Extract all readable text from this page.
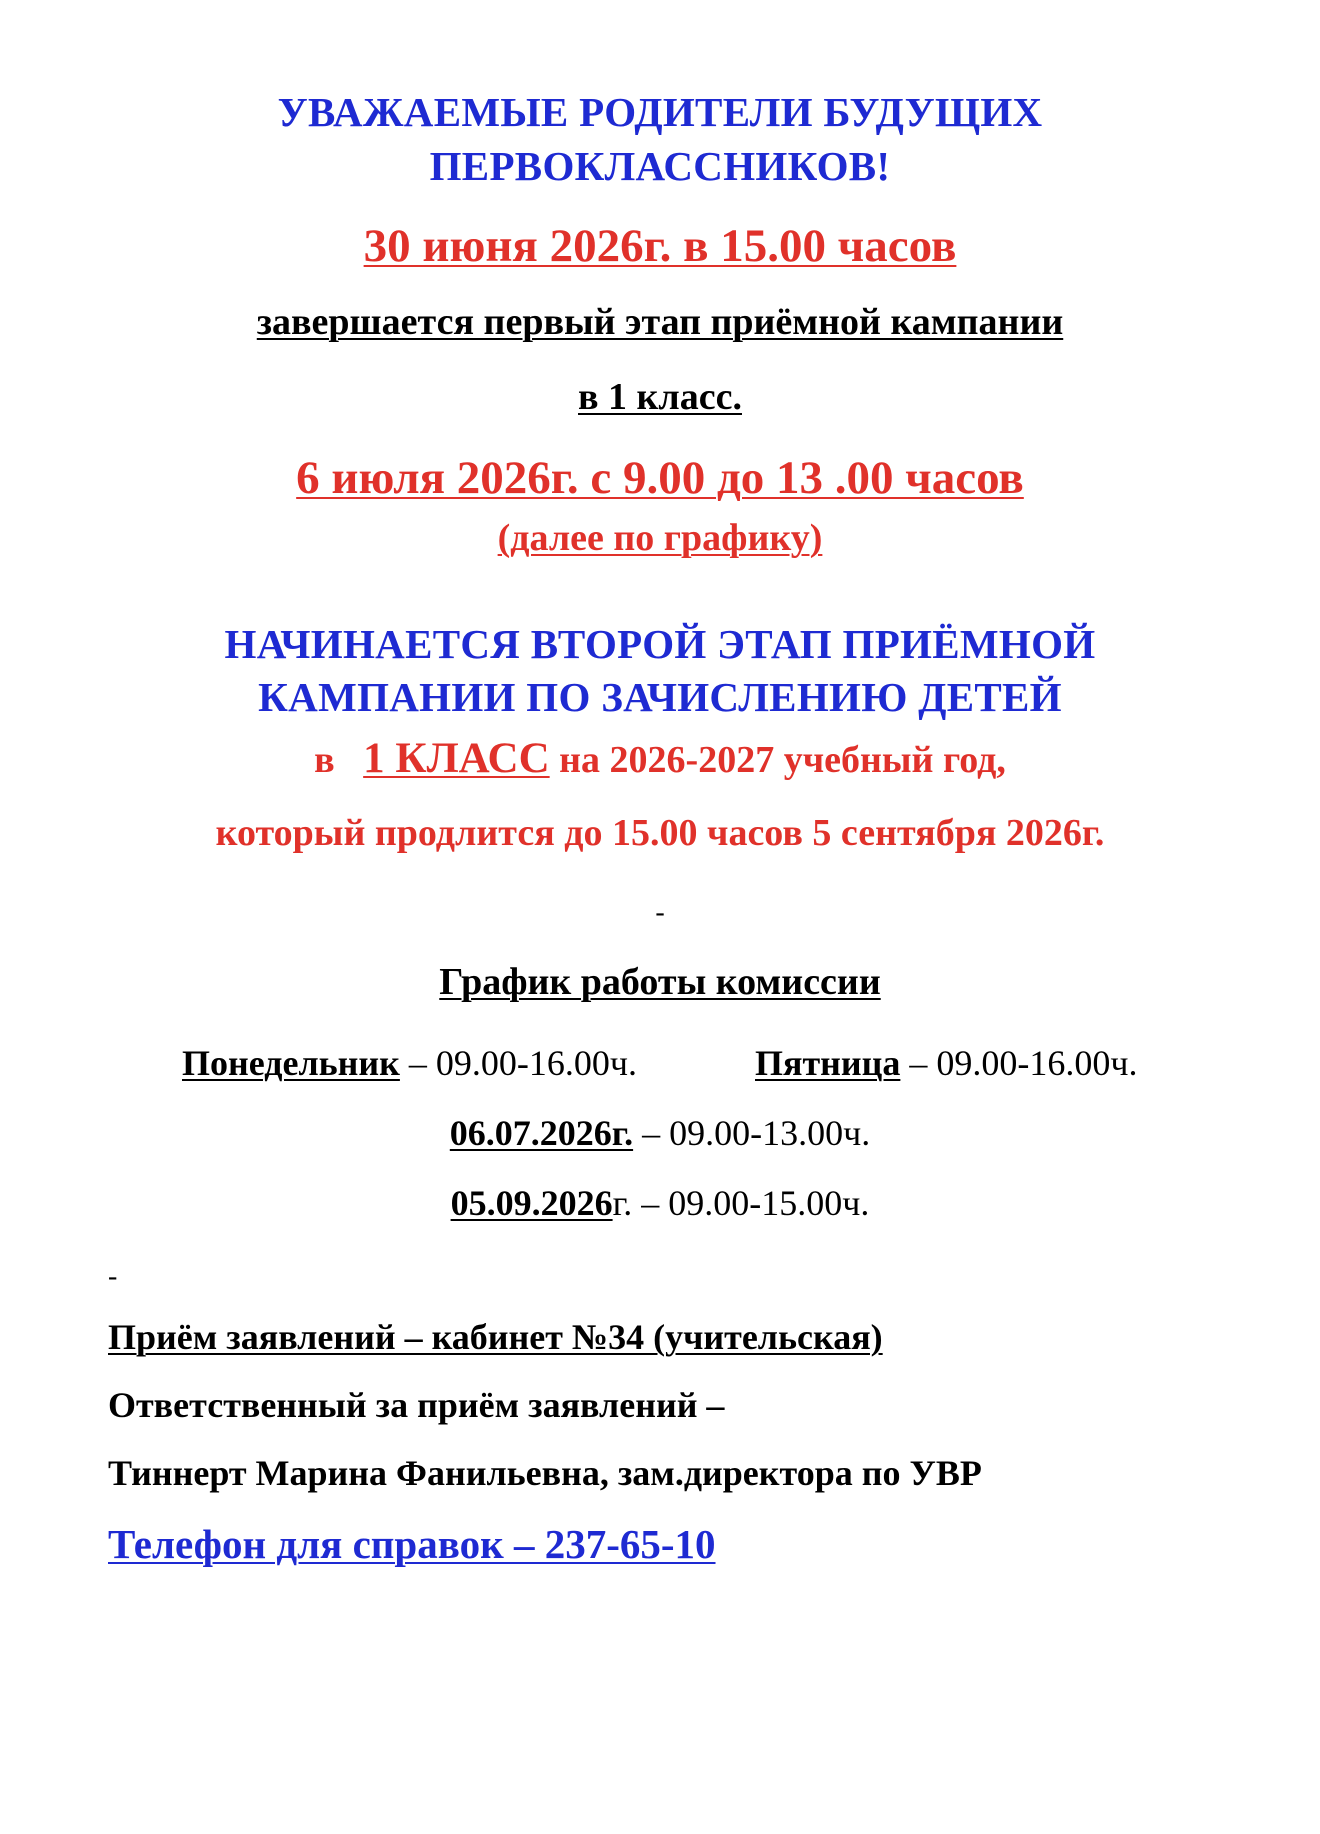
УВАЖАЕМЫЕ РОДИТЕЛИ БУДУЩИХ
ПЕРВОКЛАССНИКОВ!
30 июня 2026г. в 15.00 часов
завершается первый этап приёмной кампании
в 1 класс.
6 июля 2026г. с 9.00 до 13 .00 часов
(далее по графику)
НАЧИНАЕТСЯ ВТОРОЙ ЭТАП ПРИЁМНОЙ
КАМПАНИИ ПО ЗАЧИСЛЕНИЮ ДЕТЕЙ
в 1 КЛАСС на 2026-2027 учебный год,
который продлится до 15.00 часов 5 сентября 2026г.
-
График работы комиссии
Понедельник – 09.00-16.00ч.	Пятница – 09.00-16.00ч.
06.07.2026г. – 09.00-13.00ч.
05.09.2026г. – 09.00-15.00ч.
-
Приём заявлений – кабинет №34 (учительская)
Ответственный за приём заявлений –
Тиннерт Марина Фанильевна, зам.директора по УВР
Телефон для справок – 237-65-10
